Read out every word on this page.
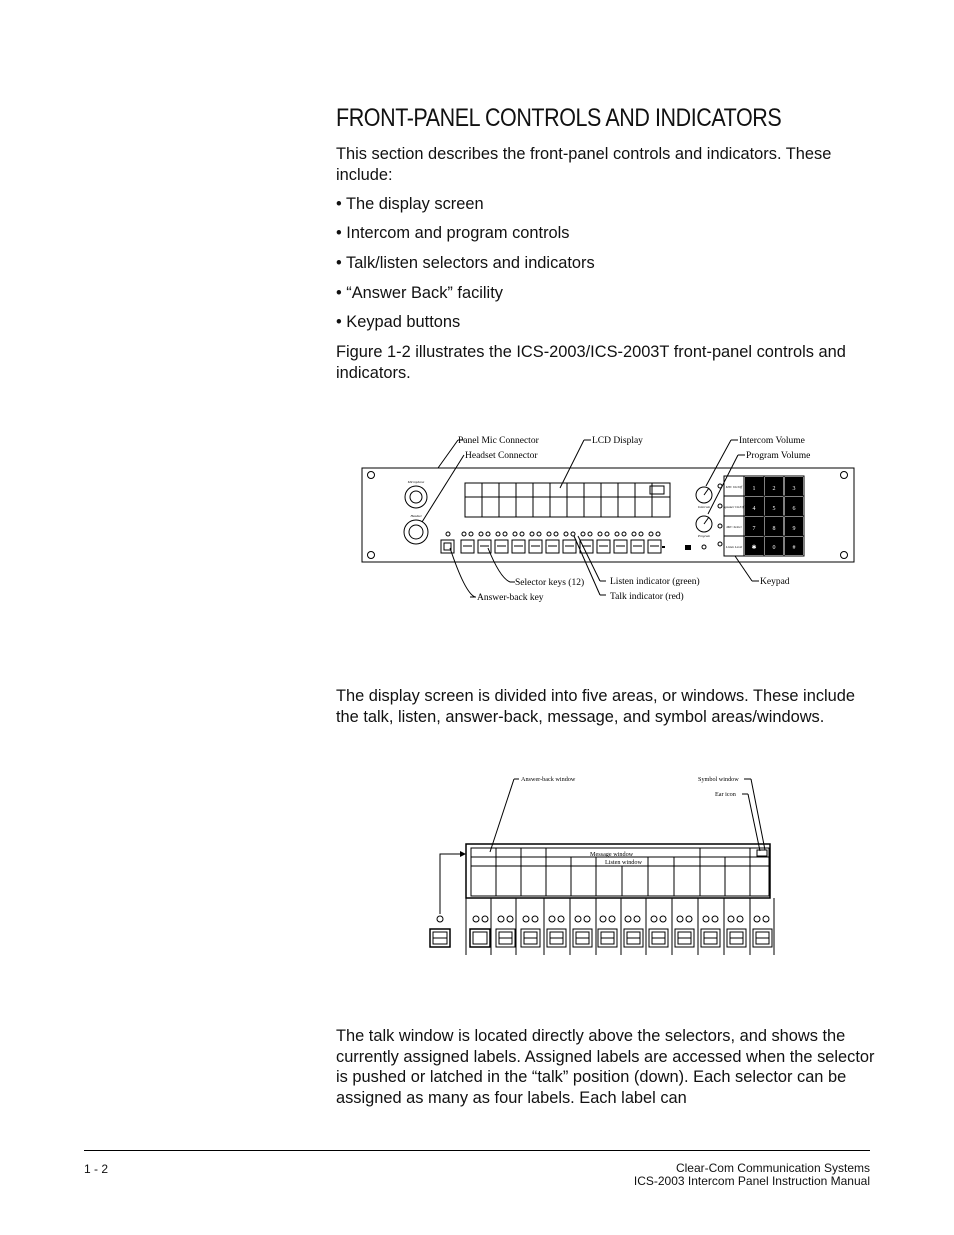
FRONT-PANEL CONTROLS AND INDICATORS

This section describes the front-panel controls and indicators. These include:

• The display screen

• Intercom and program controls

• Talk/listen selectors and indicators

• “Answer Back” facility

• Keypad buttons

Figure 1-2 illustrates the ICS-2003/ICS-2003T front-panel controls and indicators.

1	2	3
4	5	6
7	8	9
✱	0	#
Microphone
Headset
Intercom
Program
MIC On/Off
Speaker On/Off
MIC Select
Listen Level
Panel Mic Connector
Headset Connector
LCD Display	Intercom Volume
Program Volume
Selector keys (12)
Answer-back key
Listen indicator (green)
Talk indicator (red)
Keypad

The display screen is divided into five areas, or windows. These include the talk, listen, answer-back, message, and symbol areas/windows.

Answer-back window	Symbol window
Ear icon
Message window
Listen window

The talk window is located directly above the selectors, and shows the currently assigned labels. Assigned labels are accessed when the selector is pushed or latched in the “talk” position (down). Each selector can be assigned as many as four labels. Each label can

1 - 2	Clear-Com Communication Systems
ICS-2003 Intercom Panel Instruction Manual
